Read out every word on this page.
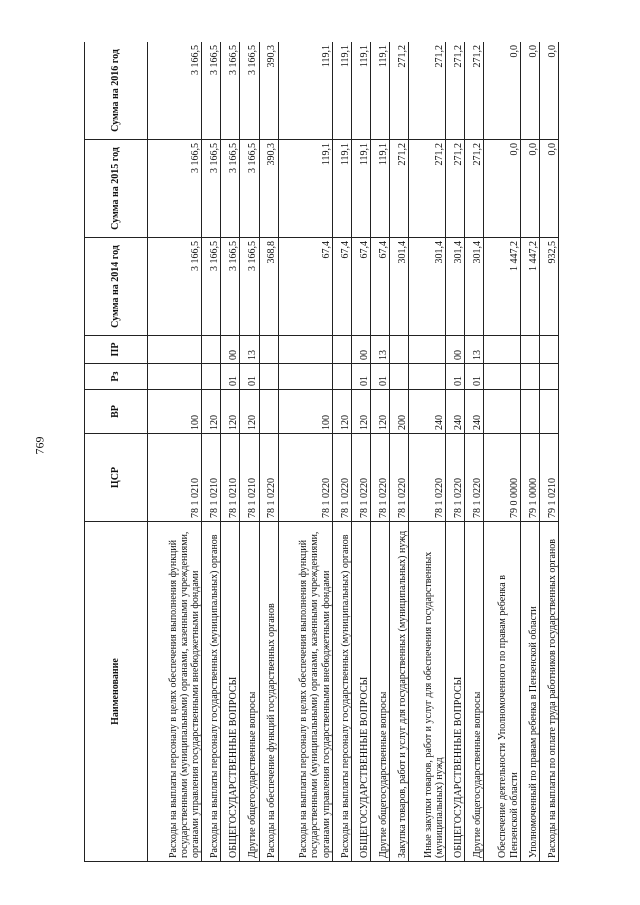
769
Наименование	ЦСР	ВР	Рз	ПР	Сумма на 2014 год	Сумма на 2015 год	Сумма на 2016 год
Расходы на выплаты персоналу в целях обеспечения выполнения функций государственными (муниципальными) органами, казенными учреждениями, органами управления государственными внебюджетными фондами	78 1 0210	100			3 166,5	3 166,5	3 166,5
Расходы на выплаты персоналу государственных (муниципальных) органов	78 1 0210	120			3 166,5	3 166,5	3 166,5
ОБЩЕГОСУДАРСТВЕННЫЕ ВОПРОСЫ	78 1 0210	120	01	00	3 166,5	3 166,5	3 166,5
Другие общегосударственные вопросы	78 1 0210	120	01	13	3 166,5	3 166,5	3 166,5
Расходы на обеспечение функций государственных органов	78 1 0220				368,8	390,3	390,3
Расходы на выплаты персоналу в целях обеспечения выполнения функций государственными (муниципальными) органами, казенными учреждениями, органами управления государственными внебюджетными фондами	78 1 0220	100			67,4	119,1	119,1
Расходы на выплаты персоналу государственных (муниципальных) органов	78 1 0220	120			67,4	119,1	119,1
ОБЩЕГОСУДАРСТВЕННЫЕ ВОПРОСЫ	78 1 0220	120	01	00	67,4	119,1	119,1
Другие общегосударственные вопросы	78 1 0220	120	01	13	67,4	119,1	119,1
Закупка товаров, работ и услуг для государственных (муниципальных) нужд	78 1 0220	200			301,4	271,2	271,2
Иные закупки товаров, работ и услуг для обеспечения государственных (муниципальных) нужд	78 1 0220	240			301,4	271,2	271,2
ОБЩЕГОСУДАРСТВЕННЫЕ ВОПРОСЫ	78 1 0220	240	01	00	301,4	271,2	271,2
Другие общегосударственные вопросы	78 1 0220	240	01	13	301,4	271,2	271,2
Обеспечение деятельности Уполномоченного по правам ребенка в Пензенской области	79 0 0000				1 447,2	0,0	0,0
Уполномоченный по правам ребенка в Пензенской области	79 1 0000				1 447,2	0,0	0,0
Расходы на выплаты по оплате труда работников государственных органов	79 1 0210				932,5	0,0	0,0
